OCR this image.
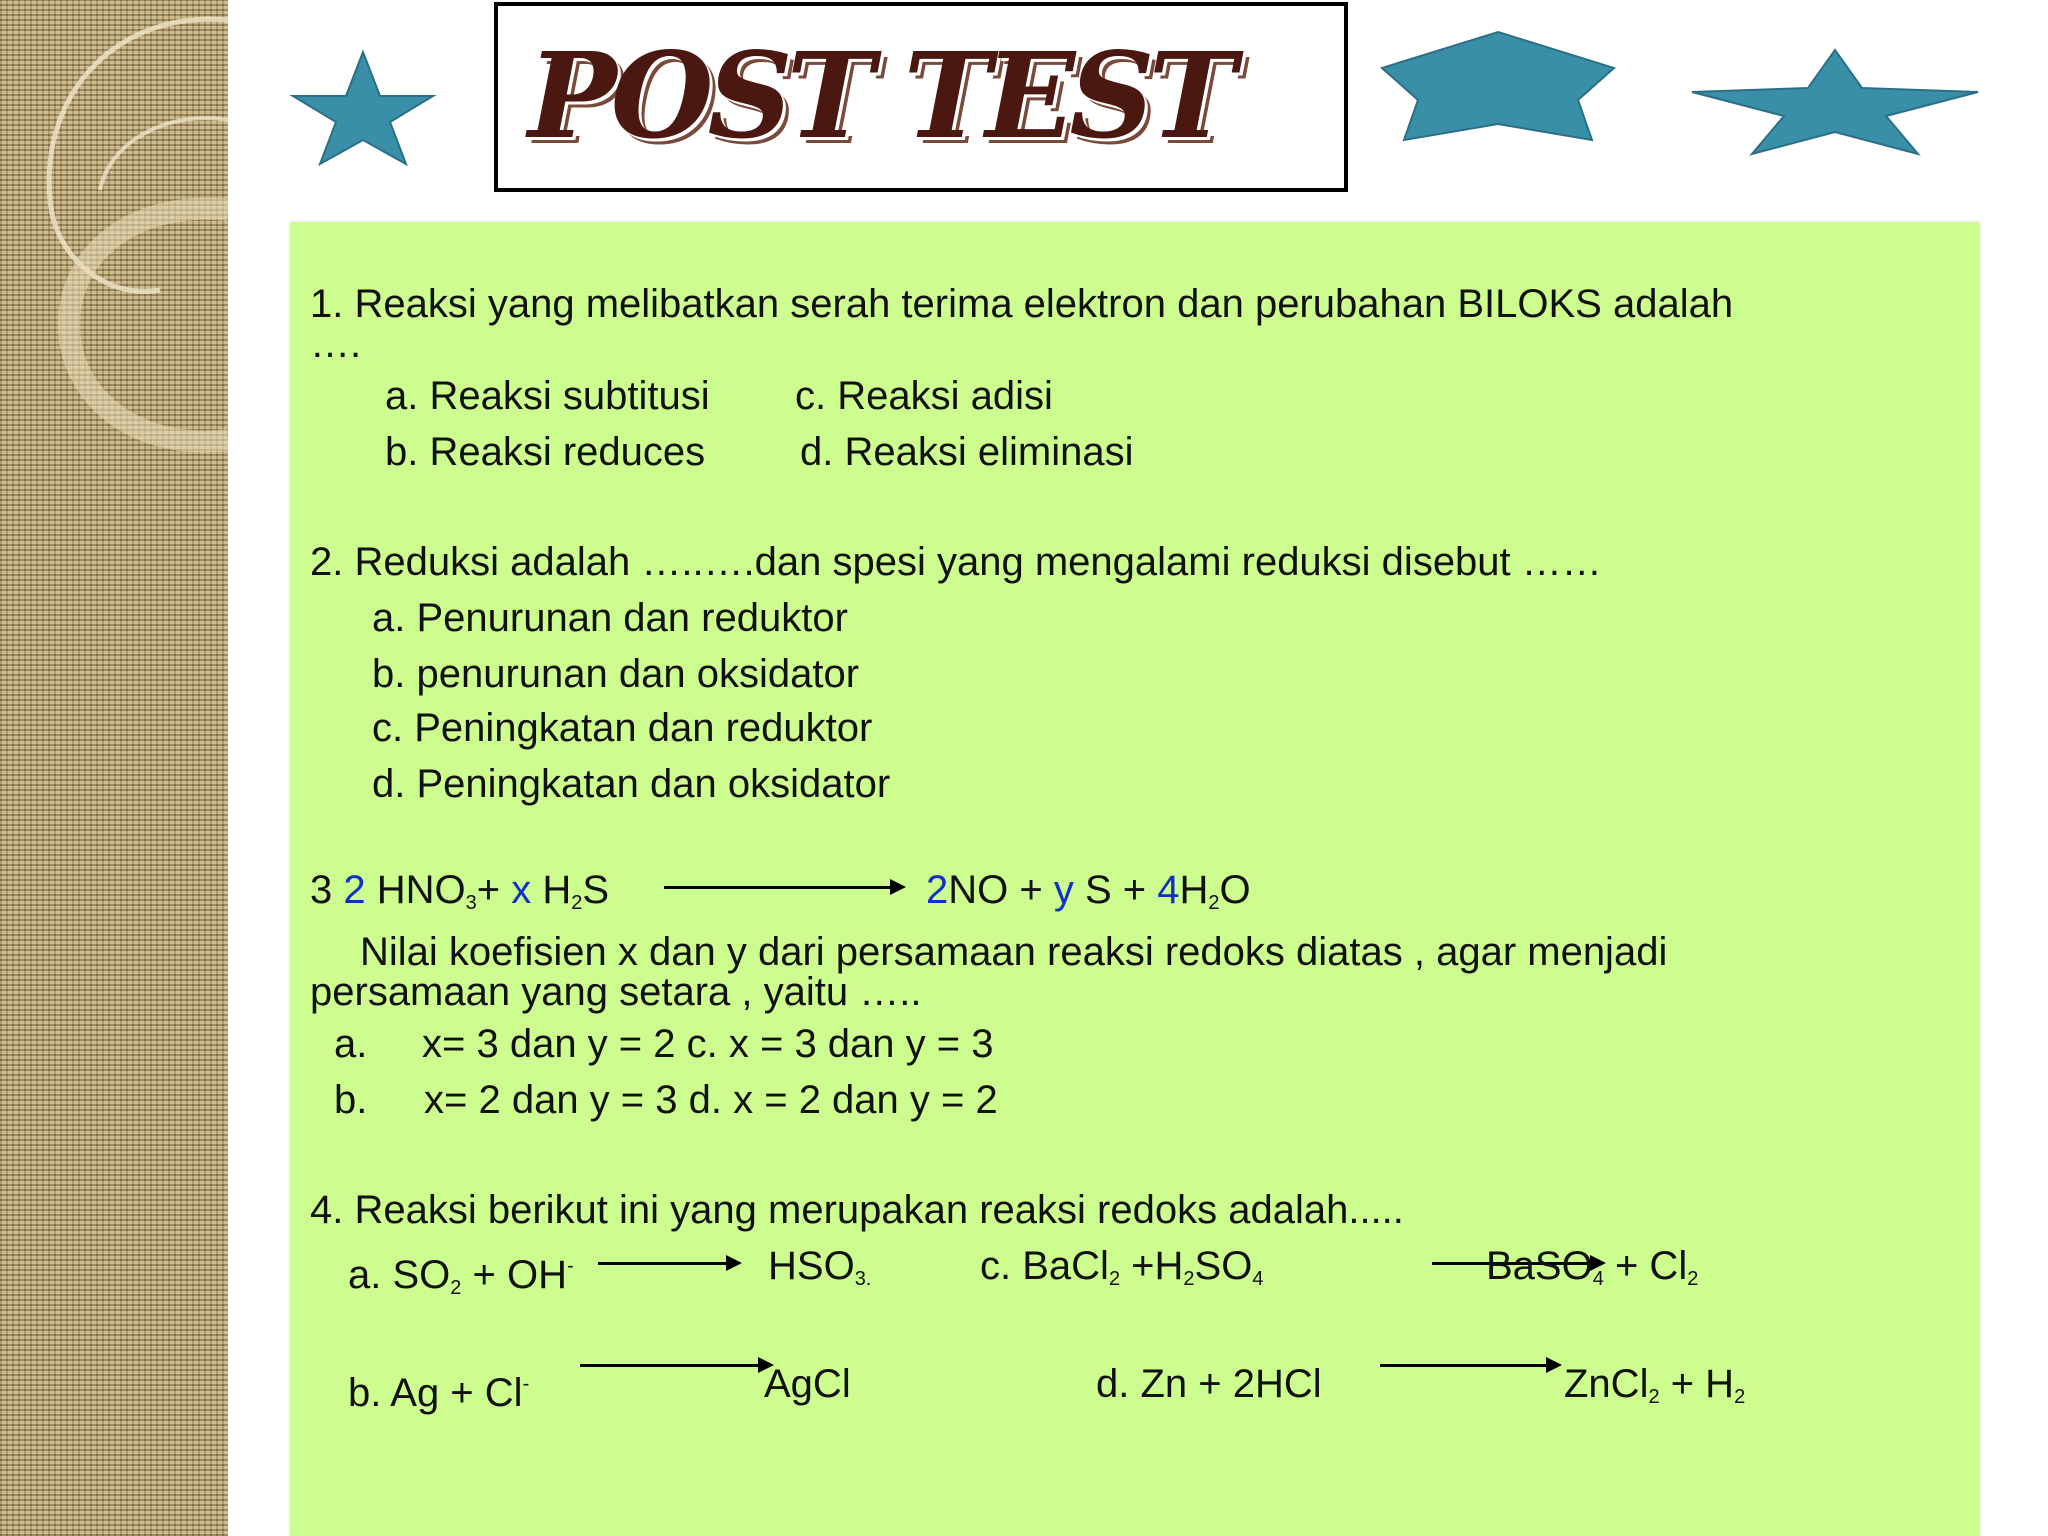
POST TEST
1. Reaksi yang melibatkan serah terima elektron dan perubahan BILOKS adalah
….
a. Reaksi subtitusi c. Reaksi adisi
b. Reaksi reduces d. Reaksi eliminasi
2. Reduksi adalah …..….dan spesi yang mengalami reduksi disebut ……
a. Penurunan dan reduktor
b. penurunan dan oksidator
c. Peningkatan dan reduktor
d. Peningkatan dan oksidator
3 2 $HNO_3+ x$ $H_2S$	2NO + y $S + 4H_2O$
Nilai koefisien x dan y dari persamaan reaksi redoks diatas , agar menjadi
persamaan yang setara , yaitu …..
a. x= 3 dan y = 2 c. x = 3 dan y = 3
b. x= 2 dan y = 3 d. x = 2 dan y = 2
4. Reaksi berikut ini yang merupakan reaksi redoks adalah.....
a. $SO_2 + OH^-$	$HSO_{3.}$	c. BaCl$_2$ $+H_2SO_4$	BaSO$_4$ + $Cl_2$
b. Ag + Cl-	AgCl	d. Zn + 2HCl	ZnCl$_2$ + $H_2$
